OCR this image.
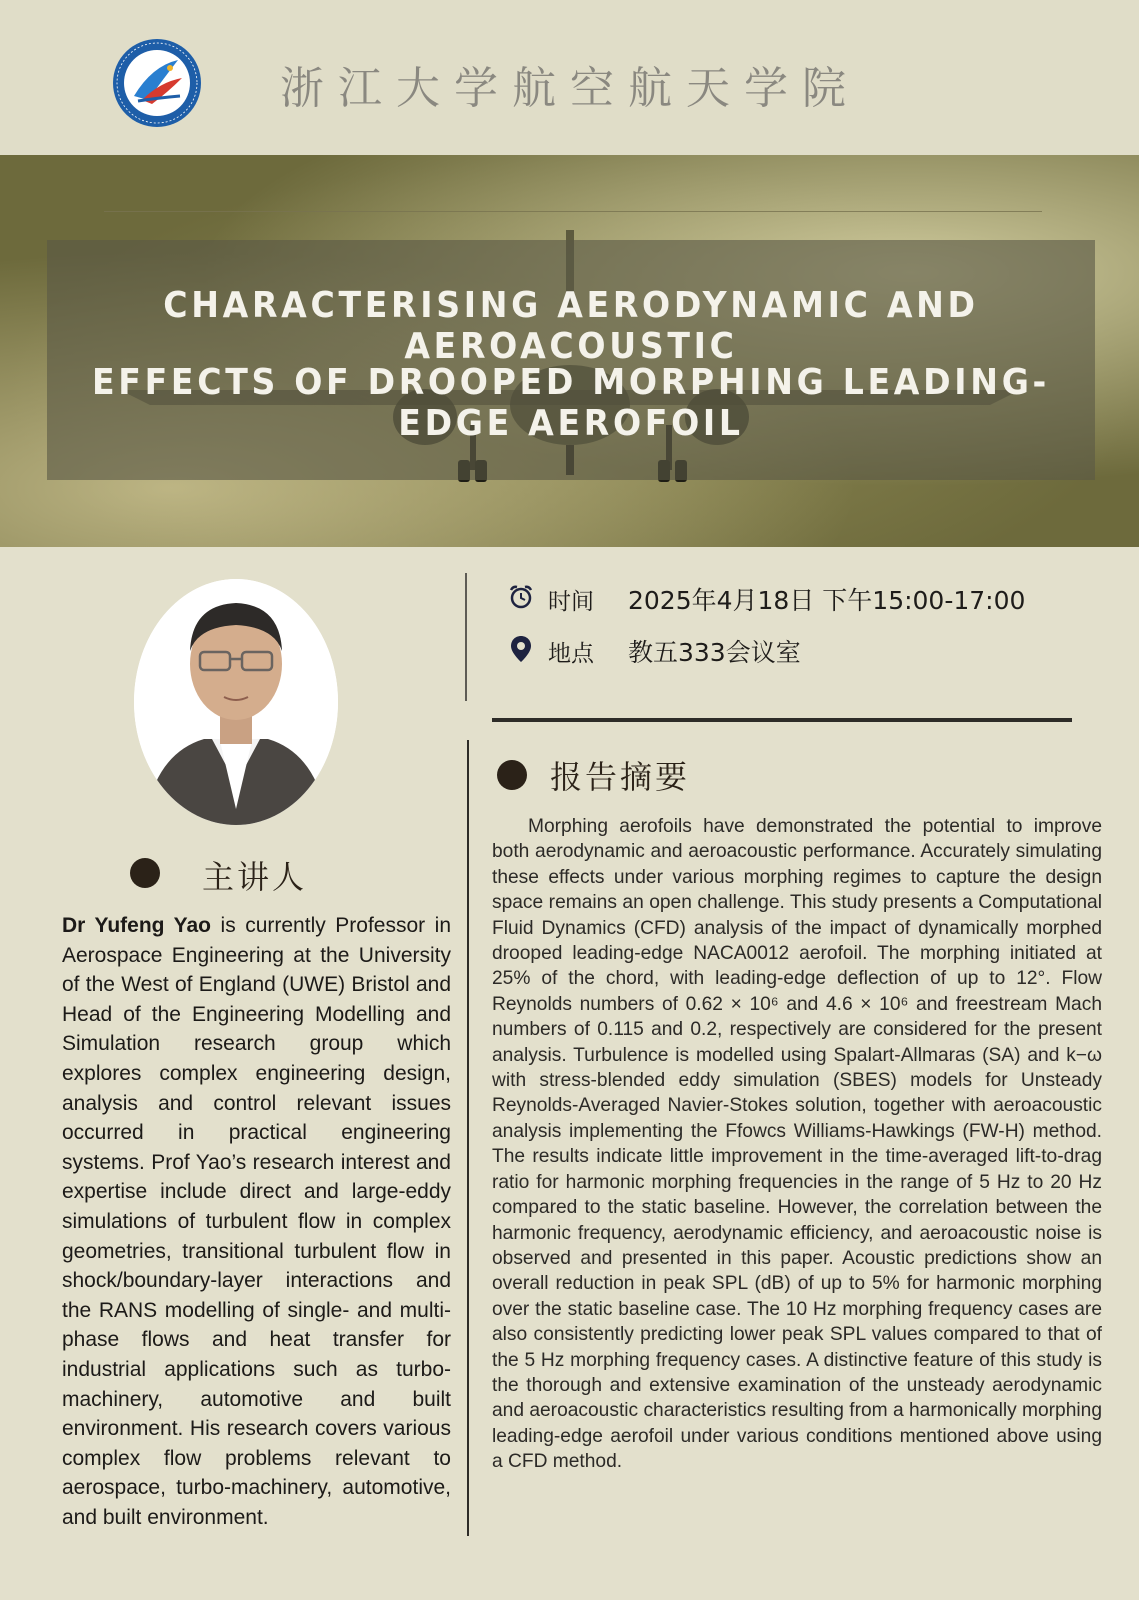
浙江大学航空航天学院
CHARACTERISING AERODYNAMIC AND AEROACOUSTIC
EFFECTS OF DROOPED MORPHING LEADING-EDGE AEROFOIL
时间	2025年4月18日 下午15:00-17:00
地点	教五333会议室
报告摘要
主讲人
Dr Yufeng Yao is currently Professor in Aerospace Engineering at the University of the West of England (UWE) Bristol and Head of the Engineering Modelling and Simulation research group which explores complex engineering design, analysis and control relevant issues occurred in practical engineering systems. Prof Yao’s research interest and expertise include direct and large-eddy simulations of turbulent flow in complex geometries, transitional turbulent flow in shock/boundary-layer interactions and the RANS modelling of single- and multi-phase flows and heat transfer for industrial applications such as turbo-machinery, automotive and built environment. His research covers various complex flow problems relevant to aerospace, turbo-machinery, automotive, and built environment.
Morphing aerofoils have demonstrated the potential to improve both aerodynamic and aeroacoustic performance. Accurately simulating these effects under various morphing regimes to capture the design space remains an open challenge. This study presents a Computational Fluid Dynamics (CFD) analysis of the impact of dynamically morphed drooped leading-edge NACA0012 aerofoil. The morphing initiated at 25% of the chord, with leading-edge deflection of up to 12°. Flow Reynolds numbers of 0.62 × 10⁶ and 4.6 × 10⁶ and freestream Mach numbers of 0.115 and 0.2, respectively are considered for the present analysis. Turbulence is modelled using Spalart-Allmaras (SA) and k−ω with stress-blended eddy simulation (SBES) models for Unsteady Reynolds-Averaged Navier-Stokes solution, together with aeroacoustic analysis implementing the Ffowcs Williams-Hawkings (FW-H) method. The results indicate little improvement in the time-averaged lift-to-drag ratio for harmonic morphing frequencies in the range of 5 Hz to 20 Hz compared to the static baseline. However, the correlation between the harmonic frequency, aerodynamic efficiency, and aeroacoustic noise is observed and presented in this paper. Acoustic predictions show an overall reduction in peak SPL (dB) of up to 5% for harmonic morphing over the static baseline case. The 10 Hz morphing frequency cases are also consistently predicting lower peak SPL values compared to that of the 5 Hz morphing frequency cases. A distinctive feature of this study is the thorough and extensive examination of the unsteady aerodynamic and aeroacoustic characteristics resulting from a harmonically morphing leading-edge aerofoil under various conditions mentioned above using a CFD method.
